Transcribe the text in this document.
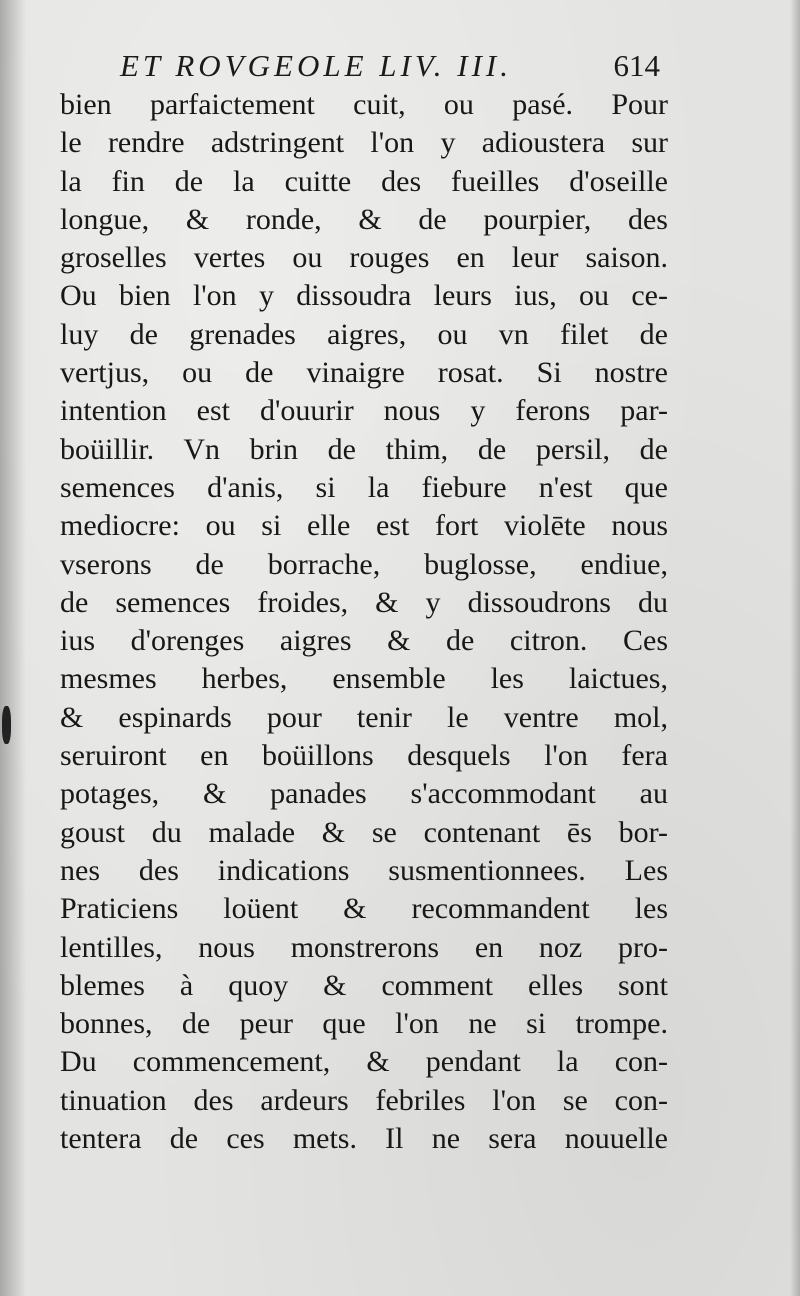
ET ROVGEOLE LIV. III.	614
bien parfaictement cuit, ou pasé. Pour
le rendre adstringent l'on y adioustera sur
la fin de la cuitte des fueilles d'oseille
longue, & ronde, & de pourpier, des
groselles vertes ou rouges en leur saison.
Ou bien l'on y dissoudra leurs ius, ou ce-
luy de grenades aigres, ou vn filet de
vertjus, ou de vinaigre rosat. Si nostre
intention est d'ouurir nous y ferons par-
boüillir. Vn brin de thim, de persil, de
semences d'anis, si la fiebure n'est que
mediocre: ou si elle est fort violēte nous
vserons de borrache, buglosse, endiue,
de semences froides, & y dissoudrons du
ius d'orenges aigres & de citron. Ces
mesmes herbes, ensemble les laictues,
& espinards pour tenir le ventre mol,
seruiront en boüillons desquels l'on fera
potages, & panades s'accommodant au
goust du malade & se contenant ēs bor-
nes des indications susmentionnees. Les
Praticiens loüent & recommandent les
lentilles, nous monstrerons en noz pro-
blemes à quoy & comment elles sont
bonnes, de peur que l'on ne si trompe.
Du commencement, & pendant la con-
tinuation des ardeurs febriles l'on se con-
tentera de ces mets. Il ne sera nouuelle
